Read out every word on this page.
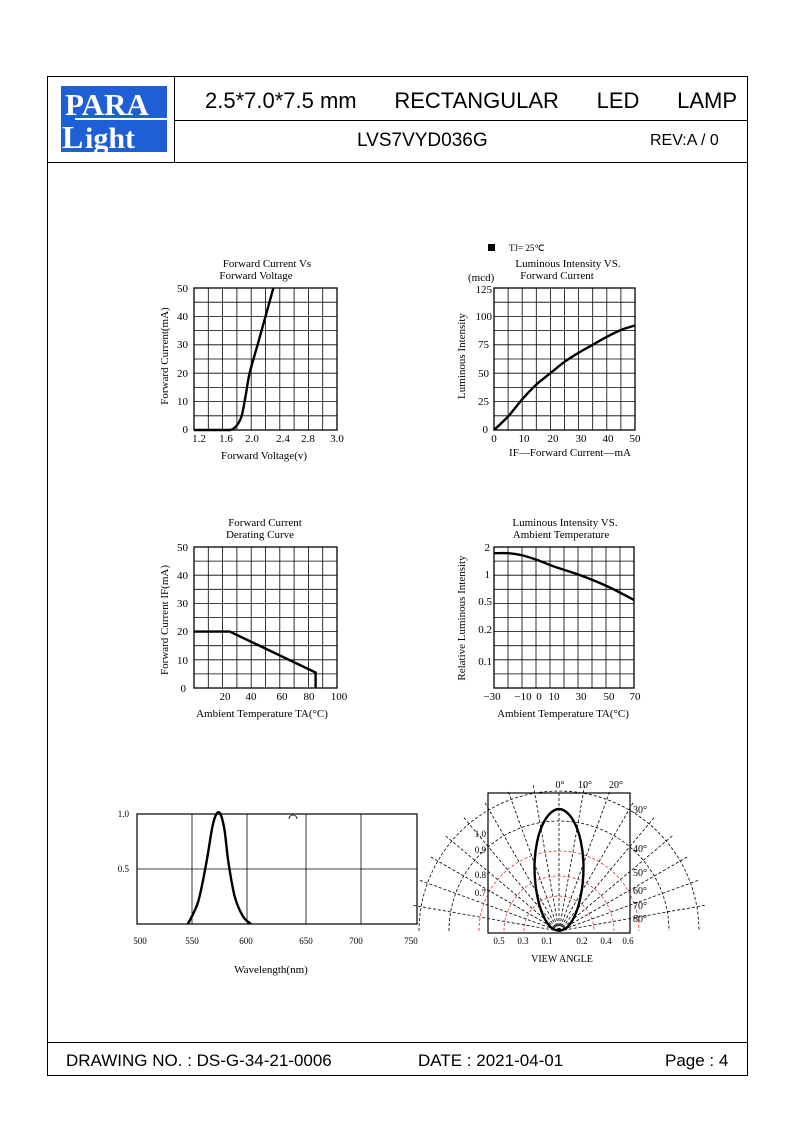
PARA
ight
L
2.5*7.0*7.5 mm RECTANGULAR LED LAMP
LVS7VYD036G	REV:A / 0
Forward Current Vs
Forward Voltage
50
40
30
20
10
0
1.2 1.6 2.0 2.4 2.8 3.0
Forward Voltage(v)
Forward Current(mA)
TJ= 25℃
Luminous Intensity VS.
Forward Current
(mcd)
125
100
75
50
25
0
0 10 20 30 40 50
IF—Forward Current—mA
Luminous Intensity
Forward Current
Derating Curve
50
40
30
20
10
0
20 40 60 80 100
Ambient Temperature TA(°C)
Forward Current IF(mA)
Luminous Intensity VS.
Ambient Temperature
2
1
0.5
0.2
0.1
−30 −10 0 10 30 50 70
Ambient Temperature TA(°C)
Relative Luminous Intensity
1.0
0.5
500	550	600	650	700	750
Wavelength(nm)
0° 10° 20°
30°
40°
50°
60°
70°
80°
1.0
0.9
0.8
0.7
0.5 0.3 0.1	0.2 0.4 0.6
VIEW ANGLE
DRAWING NO. : DS-G-34-21-0006	DATE : 2021-04-01	Page : 4
